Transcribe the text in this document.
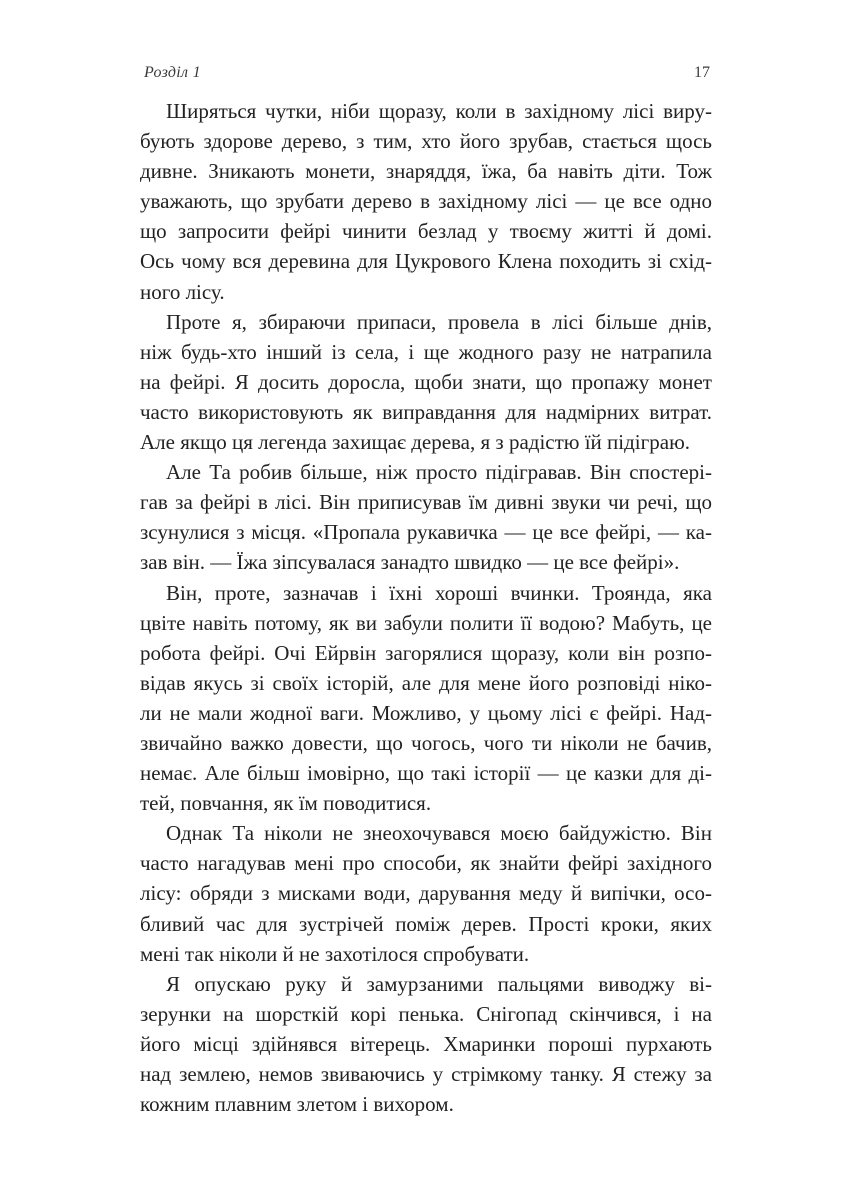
Розділ 1	17
Ширяться чутки, ніби щоразу, коли в західному лісі виру-
бують здорове дерево, з тим, хто його зрубав, стається щось
дивне. Зникають монети, знаряддя, їжа, ба навіть діти. Тож
уважають, що зрубати дерево в західному лісі — це все одно
що запросити фейрі чинити безлад у твоєму житті й домі.
Ось чому вся деревина для Цукрового Клена походить зі схід-
ного лісу.
Проте я, збираючи припаси, провела в лісі більше днів,
ніж будь-хто інший із села, і ще жодного разу не натрапила
на фейрі. Я досить доросла, щоби знати, що пропажу монет
часто використовують як виправдання для надмірних витрат.
Але якщо ця легенда захищає дерева, я з радістю їй підіграю.
Але Та робив більше, ніж просто підігравав. Він спостері-
гав за фейрі в лісі. Він приписував їм дивні звуки чи речі, що
зсунулися з місця. «Пропала рукавичка — це все фейрі, — ка-
зав він. — Їжа зіпсувалася занадто швидко — це все фейрі».
Він, проте, зазначав і їхні хороші вчинки. Троянда, яка
цвіте навіть потому, як ви забули полити її водою? Мабуть, це
робота фейрі. Очі Ейрвін загорялися щоразу, коли він розпо-
відав якусь зі своїх історій, але для мене його розповіді ніко-
ли не мали жодної ваги. Можливо, у цьому лісі є фейрі. Над-
звичайно важко довести, що чогось, чого ти ніколи не бачив,
немає. Але більш імовірно, що такі історії — це казки для ді-
тей, повчання, як їм поводитися.
Однак Та ніколи не знеохочувався моєю байдужістю. Він
часто нагадував мені про способи, як знайти фейрі західного
лісу: обряди з мисками води, дарування меду й випічки, осо-
бливий час для зустрічей поміж дерев. Прості кроки, яких
мені так ніколи й не захотілося спробувати.
Я опускаю руку й замурзаними пальцями виводжу ві-
зерунки на шорсткій корі пенька. Снігопад скінчився, і на
його місці здійнявся вітерець. Хмаринки пороші пурхають
над землею, немов звиваючись у стрімкому танку. Я стежу за
кожним плавним злетом і вихором.
